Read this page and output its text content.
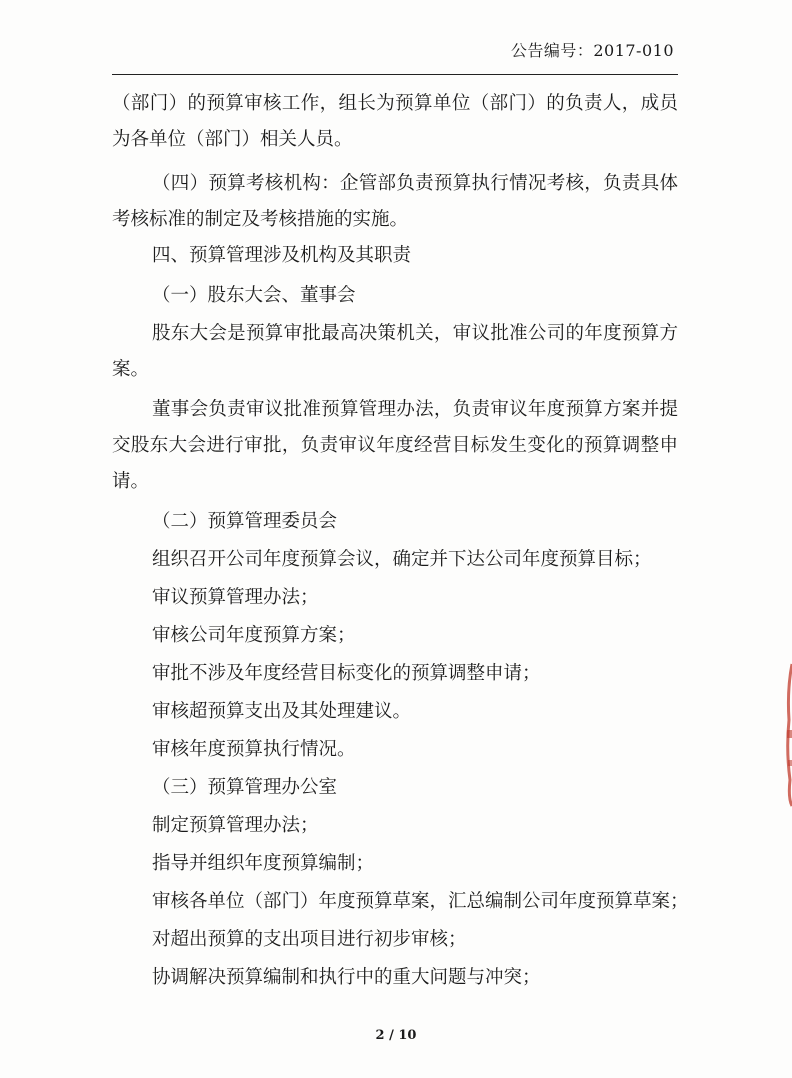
公告编号：2017-010
（部门）的预算审核工作，组长为预算单位（部门）的负责人，成员
为各单位（部门）相关人员。
（四）预算考核机构：企管部负责预算执行情况考核，负责具体
考核标准的制定及考核措施的实施。
四、预算管理涉及机构及其职责
（一）股东大会、董事会
股东大会是预算审批最高决策机关，审议批准公司的年度预算方
案。
董事会负责审议批准预算管理办法，负责审议年度预算方案并提
交股东大会进行审批，负责审议年度经营目标发生变化的预算调整申
请。
（二）预算管理委员会
组织召开公司年度预算会议，确定并下达公司年度预算目标；
审议预算管理办法；
审核公司年度预算方案；
审批不涉及年度经营目标变化的预算调整申请；
审核超预算支出及其处理建议。
审核年度预算执行情况。
（三）预算管理办公室
制定预算管理办法；
指导并组织年度预算编制；
审核各单位（部门）年度预算草案，汇总编制公司年度预算草案；
对超出预算的支出项目进行初步审核；
协调解决预算编制和执行中的重大问题与冲突；
2 / 10
